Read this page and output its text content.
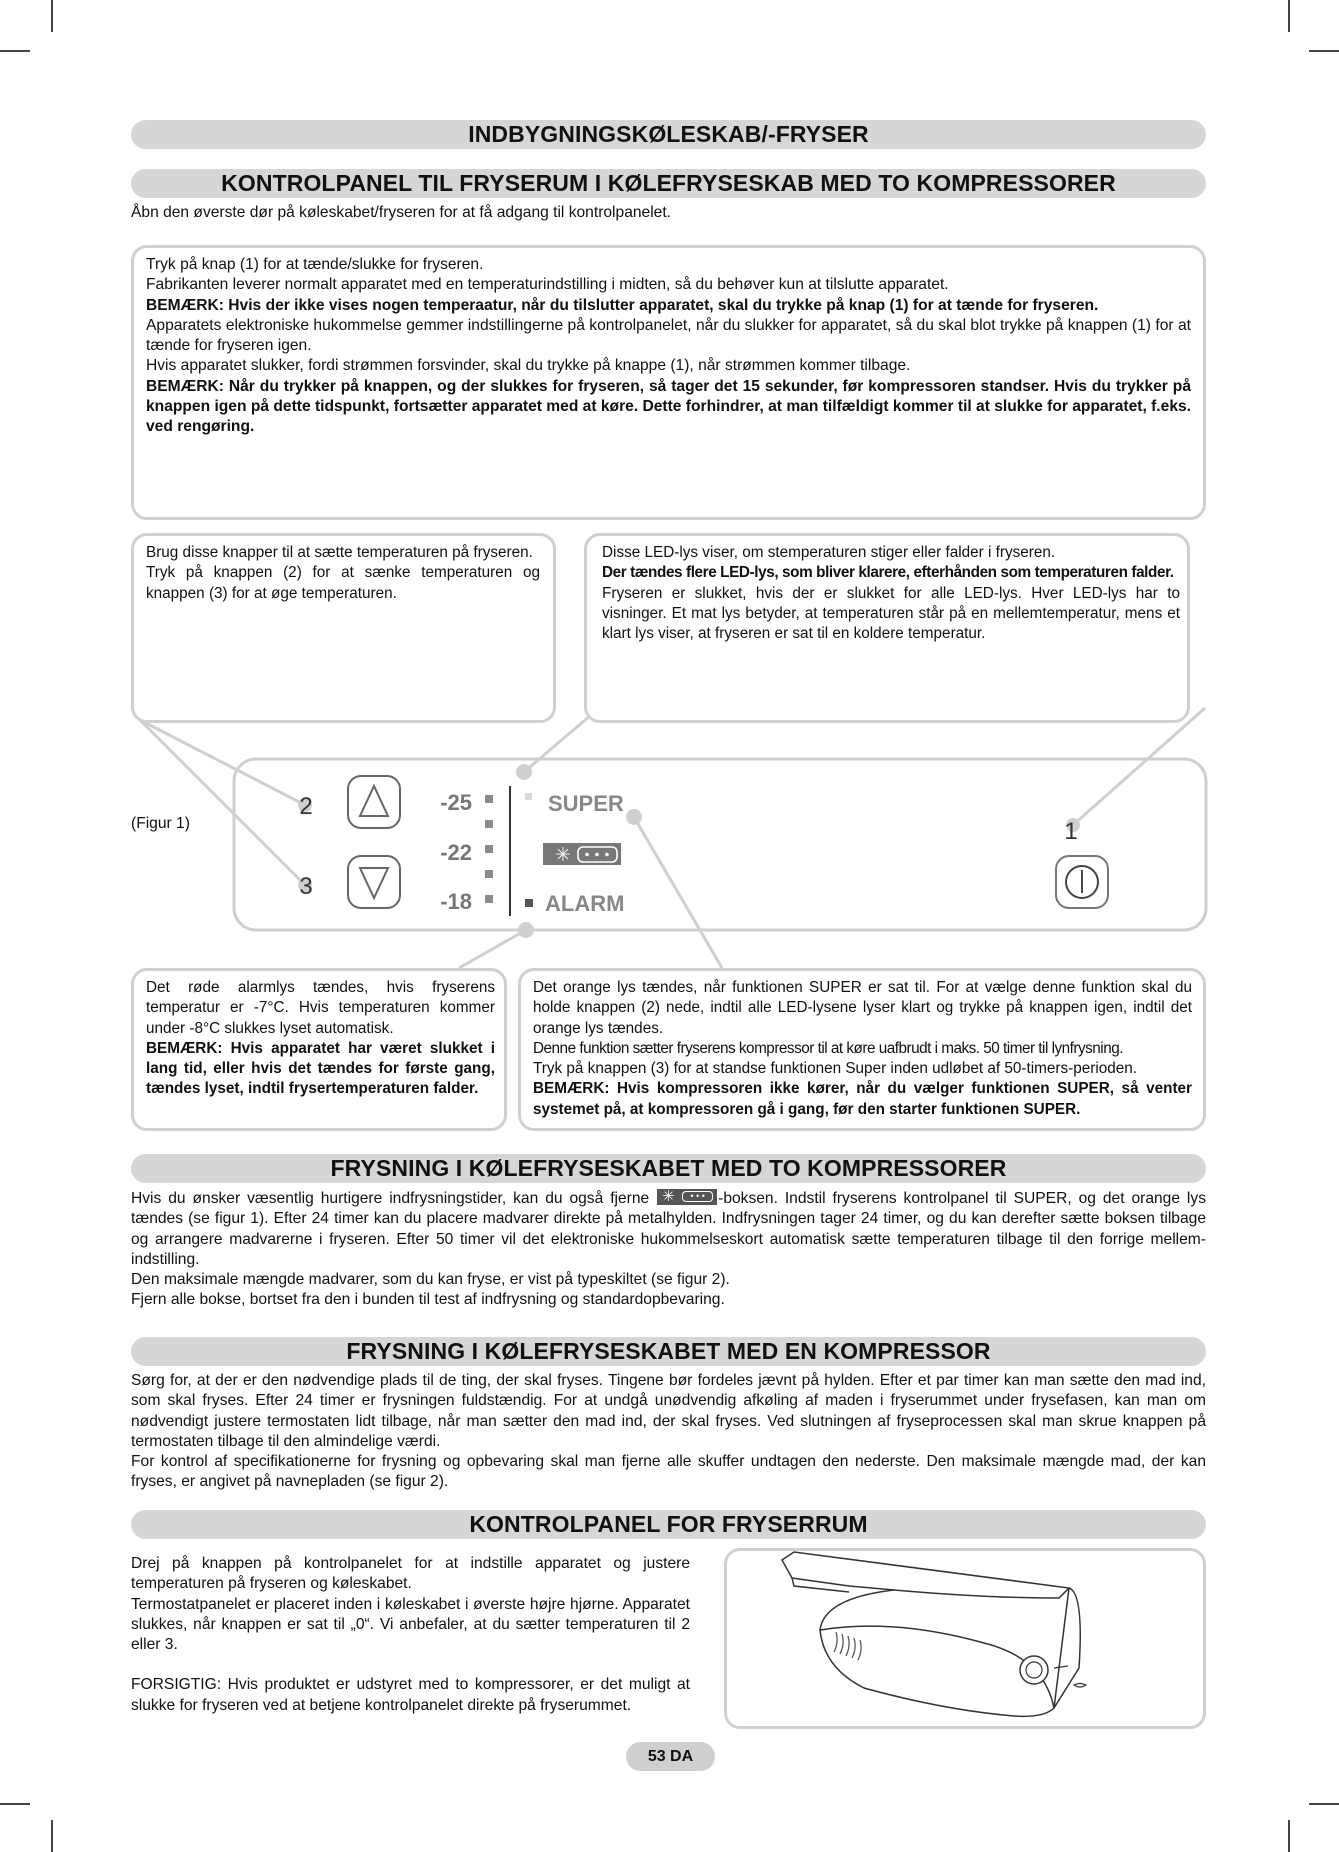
INDBYGNINGSKØLESKAB/-FRYSER
KONTROLPANEL TIL FRYSERUM I KØLEFRYSESKAB MED TO KOMPRESSORER
Åbn den øverste dør på køleskabet/fryseren for at få adgang til kontrolpanelet.
2
3
1
-25
-22
-18
SUPER
ALARM
✳
(Figur 1)

Tryk på knap (1) for at tænde/slukke for fryseren.

Fabrikanten leverer normalt apparatet med en temperaturindstilling i midten, så du behøver kun at tilslutte apparatet.

BEMÆRK: Hvis der ikke vises nogen temperaatur, når du tilslutter apparatet, skal du trykke på knap (1) for at tænde for fryseren.

Apparatets elektroniske hukommelse gemmer indstillingerne på kontrolpanelet, når du slukker for apparatet, så du skal blot trykke på knappen (1) for at tænde for fryseren igen.

Hvis apparatet slukker, fordi strømmen forsvinder, skal du trykke på knappe (1), når strømmen kommer tilbage.

BEMÆRK: Når du trykker på knappen, og der slukkes for fryseren, så tager det 15 sekunder, før kompressoren standser. Hvis du trykker på knappen igen på dette tidspunkt, fortsætter apparatet med at køre. Dette forhindrer, at man tilfældigt kommer til at slukke for apparatet, f.eks. ved rengøring.

Brug disse knapper til at sætte temperaturen på fryseren.

Tryk på knappen (2) for at sænke temperaturen og knappen (3) for at øge temperaturen.

Disse LED-lys viser, om stemperaturen stiger eller falder i fryseren.

Der tændes flere LED-lys, som bliver klarere, efterhånden som temperaturen falder.

Fryseren er slukket, hvis der er slukket for alle LED-lys. Hver LED-lys har to visninger. Et mat lys betyder, at temperaturen står på en mellemtemperatur, mens et klart lys viser, at fryseren er sat til en koldere temperatur.

Det røde alarmlys tændes, hvis fryserens temperatur er -7°C. Hvis temperaturen kommer under -8°C slukkes lyset automatisk.

BEMÆRK: Hvis apparatet har været slukket i lang tid, eller hvis det tændes for første gang, tændes lyset, indtil frysertemperaturen falder.

Det orange lys tændes, når funktionen SUPER er sat til. For at vælge denne funktion skal du holde knappen (2) nede, indtil alle LED-lysene lyser klart og trykke på knappen igen, indtil det orange lys tændes.

Denne funktion sætter fryserens kompressor til at køre uafbrudt i maks. 50 timer til lynfrysning.

Tryk på knappen (3) for at standse funktionen Super inden udløbet af 50-timers-perioden.

BEMÆRK: Hvis kompressoren ikke kører, når du vælger funktionen SUPER, så venter systemet på, at kompressoren gå i gang, før den starter funktionen SUPER.

FRYSNING I KØLEFRYSESKABET MED TO KOMPRESSORER

Hvis du ønsker væsentlig hurtigere indfrysningstider, kan du også fjerne ✳	• • • -boksen. Indstil fryserens kontrolpanel til SUPER, og det orange lys tændes (se figur 1). Efter 24 timer kan du placere madvarer direkte på metalhylden. Indfrysningen tager 24 timer, og du kan derefter sætte boksen tilbage og arrangere madvarerne i fryseren. Efter 50 timer vil det elektroniske hukommelseskort automatisk sætte temperaturen tilbage til den forrige mellem-indstilling.

Den maksimale mængde madvarer, som du kan fryse, er vist på typeskiltet (se figur 2).

Fjern alle bokse, bortset fra den i bunden til test af indfrysning og standardopbevaring.

FRYSNING I KØLEFRYSESKABET MED EN KOMPRESSOR

Sørg for, at der er den nødvendige plads til de ting, der skal fryses. Tingene bør fordeles jævnt på hylden. Efter et par timer kan man sætte den mad ind, som skal fryses. Efter 24 timer er frysningen fuldstændig. For at undgå unødvendig afkøling af maden i fryserummet under frysefasen, kan man om nødvendigt justere termostaten lidt tilbage, når man sætter den mad ind, der skal fryses. Ved slutningen af fryseprocessen skal man skrue knappen på termostaten tilbage til den almindelige værdi.

For kontrol af specifikationerne for frysning og opbevaring skal man fjerne alle skuffer undtagen den nederste. Den maksimale mængde mad, der kan fryses, er angivet på navnepladen (se figur 2).

KONTROLPANEL FOR FRYSERRUM

Drej på knappen på kontrolpanelet for at indstille apparatet og justere temperaturen på fryseren og køleskabet.

Termostatpanelet er placeret inden i køleskabet i øverste højre hjørne. Apparatet slukkes, når knappen er sat til „0“. Vi anbefaler, at du sætter temperaturen til 2 eller 3.

FORSIGTIG: Hvis produktet er udstyret med to kompressorer, er det muligt at slukke for fryseren ved at betjene kontrolpanelet direkte på fryserummet.

53 DA
